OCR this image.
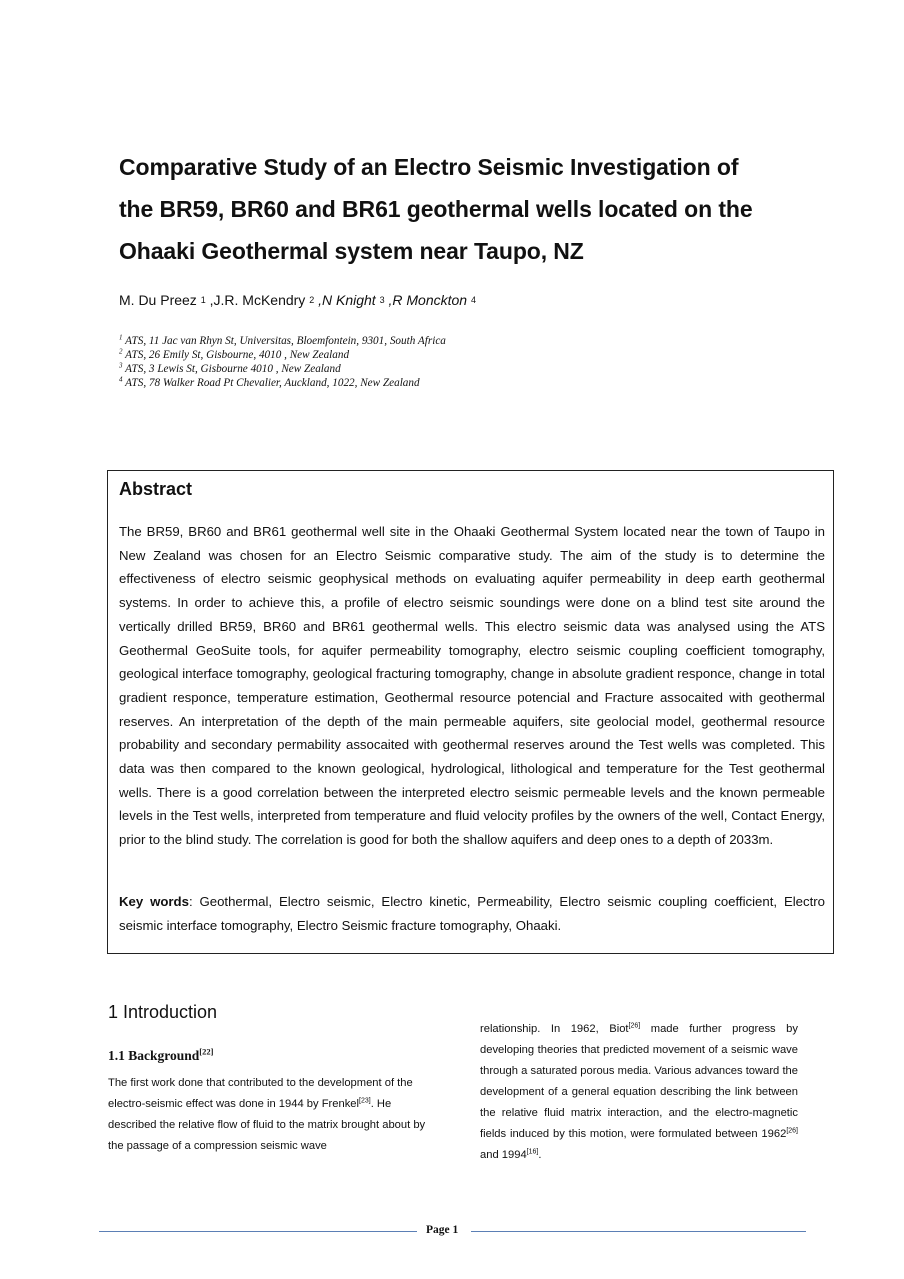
Comparative Study of an Electro Seismic Investigation of
the BR59, BR60 and BR61 geothermal wells located on the
Ohaaki Geothermal system near Taupo, NZ
M. Du Preez $^1$ ,J.R. McKendry $^2$ ,N Knight $^3$ ,R Monckton $^4$
$^1$ ATS, 11 Jac van Rhyn St, Universitas, Bloemfontein, 9301, South Africa
$^2$ ATS, 26 Emily St, Gisbourne, 4010 , New Zealand
$^3$ ATS, 3 Lewis St, Gisbourne 4010 , New Zealand
$^4$ ATS, 78 Walker Road Pt Chevalier, Auckland, 1022, New Zealand
Abstract

The BR59, BR60 and BR61 geothermal well site in the Ohaaki Geothermal System located near the town of Taupo in New Zealand was chosen for an Electro Seismic comparative study. The aim of the study is to determine the effectiveness of electro seismic geophysical methods on evaluating aquifer permeability in deep earth geothermal systems. In order to achieve this, a profile of electro seismic soundings were done on a blind test site around the vertically drilled BR59, BR60 and BR61 geothermal wells. This electro seismic data was analysed using the ATS Geothermal GeoSuite tools, for aquifer permeability tomography, electro seismic coupling coefficient tomography, geological interface tomography, geological fracturing tomography, change in absolute gradient responce, change in total gradient responce, temperature estimation, Geothermal resource potencial and Fracture assocaited with geothermal reserves. An interpretation of the depth of the main permeable aquifers, site geolocial model, geothermal resource probability and secondary permability assocaited with geothermal reserves around the Test wells was completed. This data was then compared to the known geological, hydrological, lithological and temperature for the Test geothermal wells. There is a good correlation between the interpreted electro seismic permeable levels and the known permeable levels in the Test wells, interpreted from temperature and fluid velocity profiles by the owners of the well, Contact Energy, prior to the blind study. The correlation is good for both the shallow aquifers and deep ones to a depth of 2033m.

Key words: Geothermal, Electro seismic, Electro kinetic, Permeability, Electro seismic coupling coefficient, Electro seismic interface tomography, Electro Seismic fracture tomography, Ohaaki.

1 Introduction
1.1 Background[22]

The first work done that contributed to the development of the electro-seismic effect was done in 1944 by Frenkel[23]. He described the relative flow of fluid to the matrix brought about by the passage of a compression seismic wave

relationship. In 1962, Biot[26] made further progress by developing theories that predicted movement of a seismic wave through a saturated porous media. Various advances toward the development of a general equation describing the link between the relative fluid matrix interaction, and the electro-magnetic fields induced by this motion, were formulated between 1962[26] and 1994[16].

Page 1
